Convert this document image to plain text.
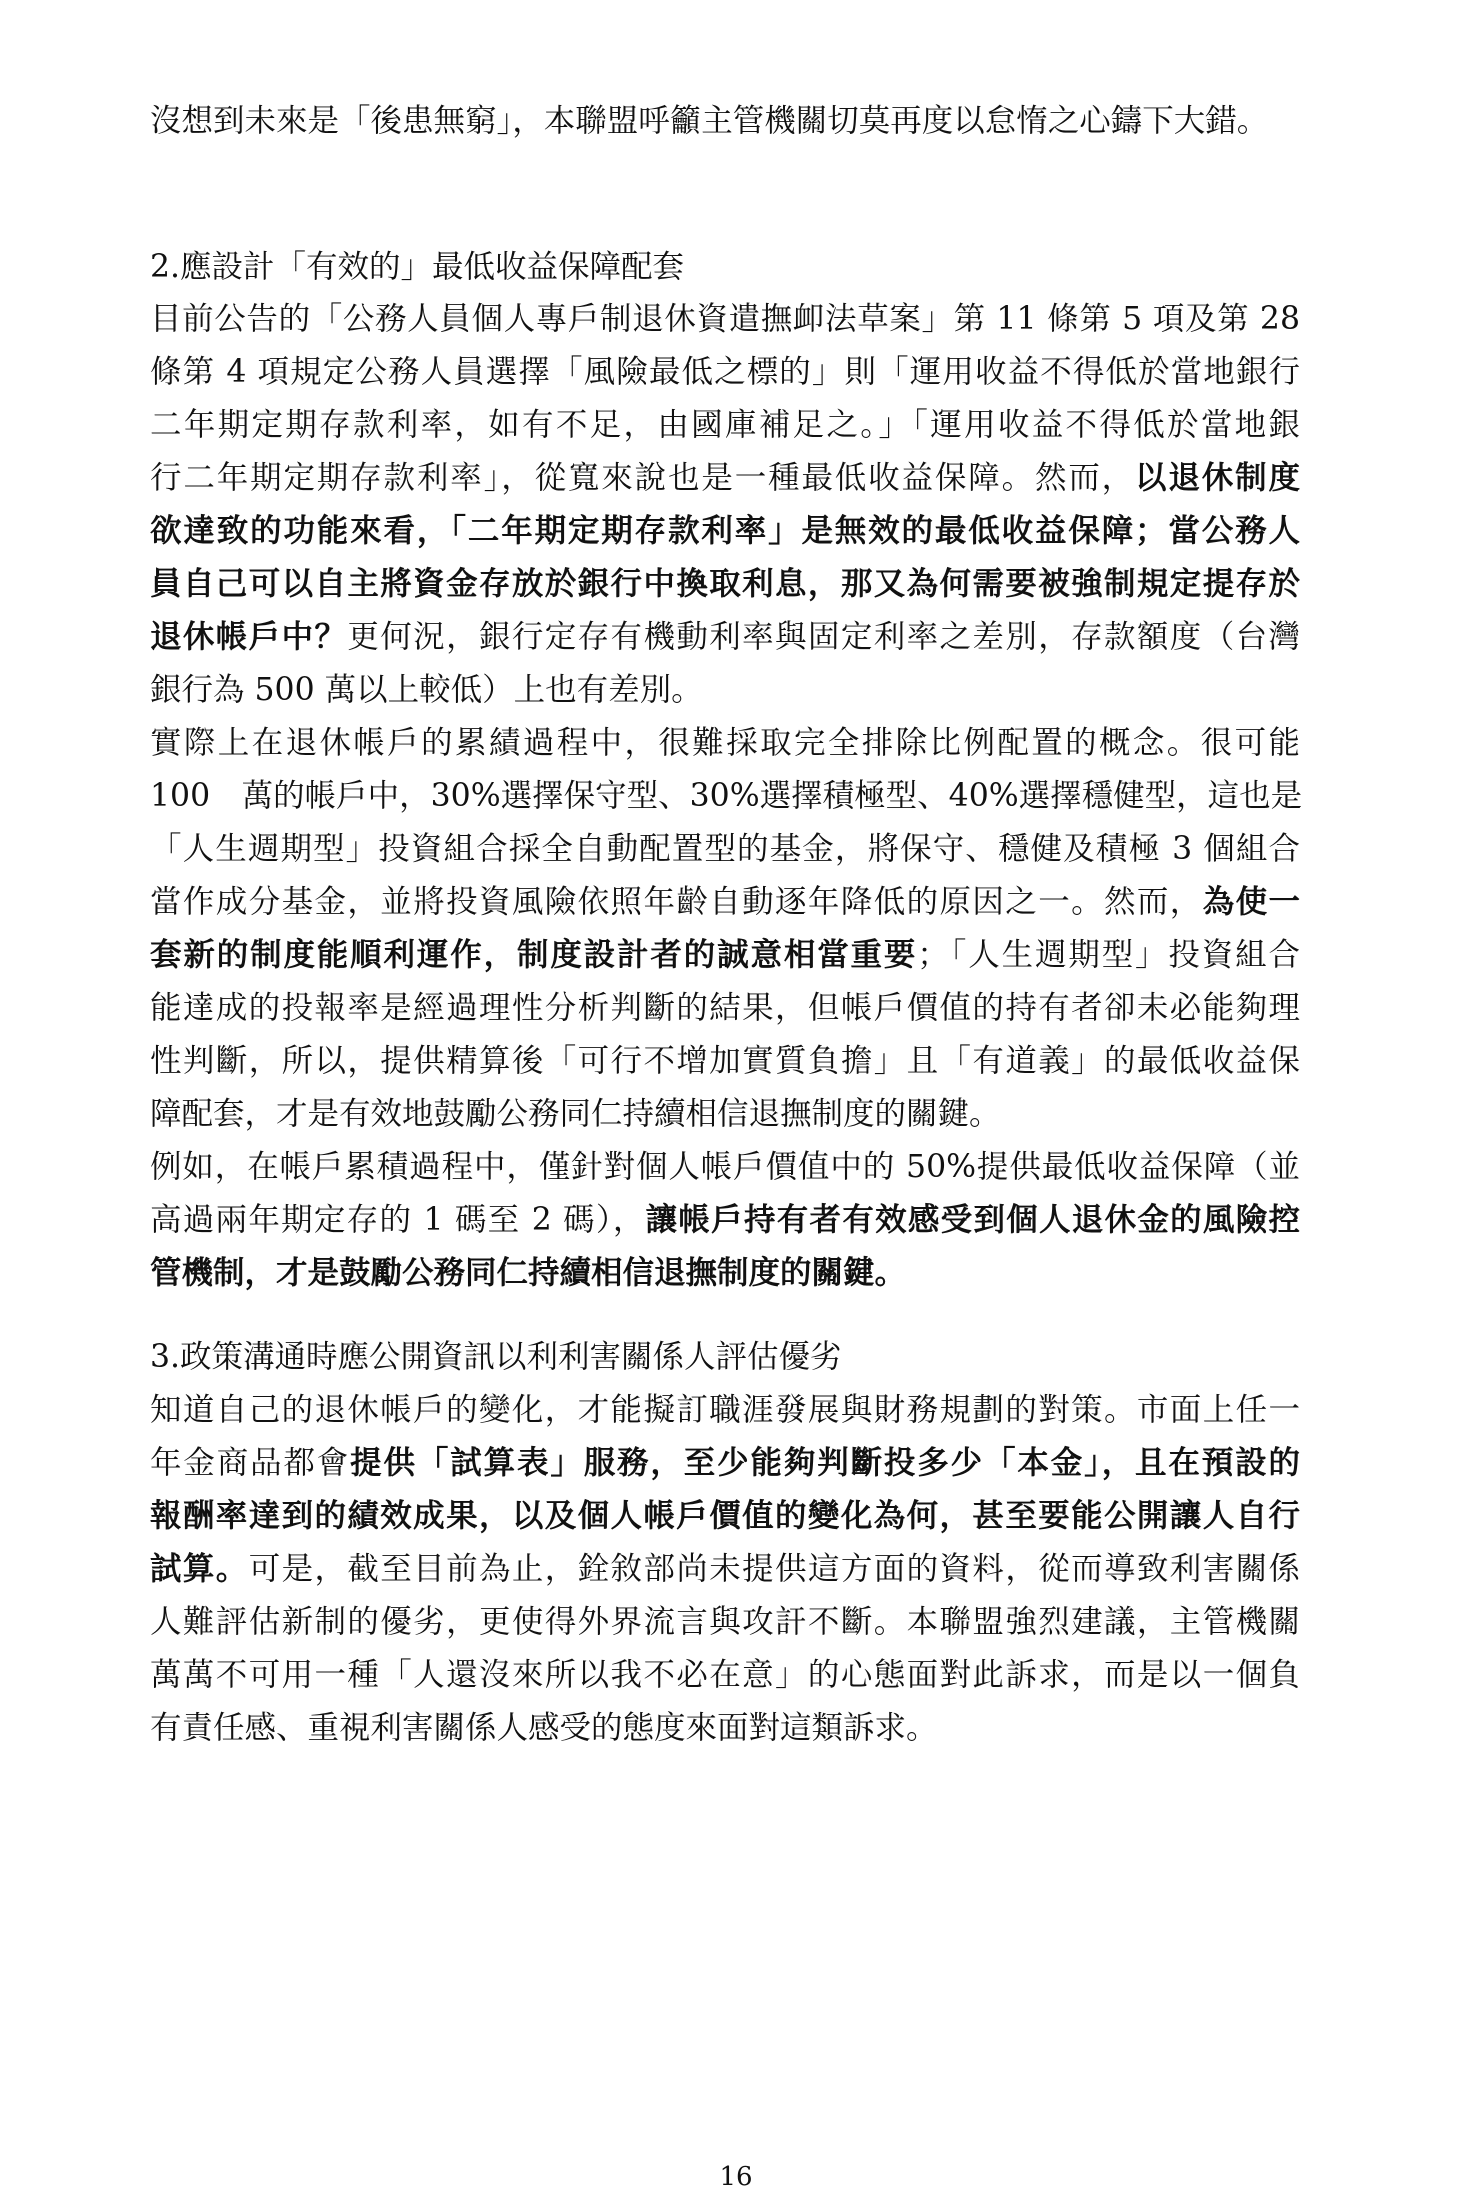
沒想到未來是「後患無窮」，本聯盟呼籲主管機關切莫再度以怠惰之心鑄下大錯。
2.應設計「有效的」最低收益保障配套
目前公告的「公務人員個人專戶制退休資遣撫卹法草案」第 11 條第 5 項及第 28
條第 4 項規定公務人員選擇「風險最低之標的」則「運用收益不得低於當地銀行
二年期定期存款利率，如有不足，由國庫補足之。」「運用收益不得低於當地銀
行二年期定期存款利率」，從寬來說也是一種最低收益保障。然而，以退休制度
欲達致的功能來看，「二年期定期存款利率」是無效的最低收益保障；當公務人
員自己可以自主將資金存放於銀行中換取利息，那又為何需要被強制規定提存於
退休帳戶中？更何況，銀行定存有機動利率與固定利率之差別，存款額度（台灣
銀行為 500 萬以上較低）上也有差別。
實際上在退休帳戶的累績過程中，很難採取完全排除比例配置的概念。很可能
100　萬的帳戶中，30%選擇保守型、30%選擇積極型、40%選擇穩健型，這也是
「人生週期型」投資組合採全自動配置型的基金，將保守、穩健及積極 3 個組合
當作成分基金，並將投資風險依照年齡自動逐年降低的原因之一。然而，為使一
套新的制度能順利運作，制度設計者的誠意相當重要；「人生週期型」投資組合
能達成的投報率是經過理性分析判斷的結果，但帳戶價值的持有者卻未必能夠理
性判斷，所以，提供精算後「可行不增加實質負擔」且「有道義」的最低收益保
障配套，才是有效地鼓勵公務同仁持續相信退撫制度的關鍵。
例如，在帳戶累積過程中，僅針對個人帳戶價值中的 50%提供最低收益保障（並
高過兩年期定存的 1 碼至 2 碼），讓帳戶持有者有效感受到個人退休金的風險控
管機制，才是鼓勵公務同仁持續相信退撫制度的關鍵。
3.政策溝通時應公開資訊以利利害關係人評估優劣
知道自己的退休帳戶的變化，才能擬訂職涯發展與財務規劃的對策。市面上任一
年金商品都會提供「試算表」服務，至少能夠判斷投多少「本金」，且在預設的
報酬率達到的績效成果，以及個人帳戶價值的變化為何，甚至要能公開讓人自行
試算。可是，截至目前為止，銓敘部尚未提供這方面的資料，從而導致利害關係
人難評估新制的優劣，更使得外界流言與攻訐不斷。本聯盟強烈建議，主管機關
萬萬不可用一種「人還沒來所以我不必在意」的心態面對此訴求，而是以一個負
有責任感、重視利害關係人感受的態度來面對這類訴求。
16
